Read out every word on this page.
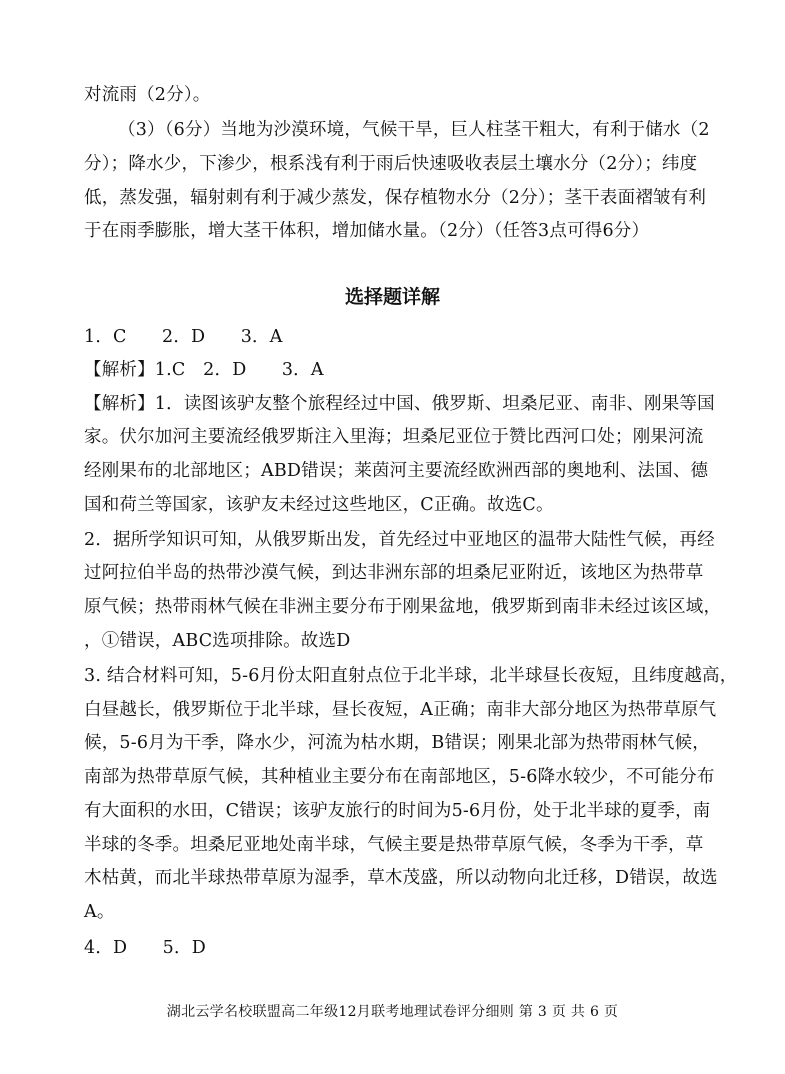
对流雨（2分）。
（3）（6分）当地为沙漠环境，气候干旱，巨人柱茎干粗大，有利于储水（2
分）；降水少，下渗少，根系浅有利于雨后快速吸收表层土壤水分（2分）；纬度
低，蒸发强，辐射刺有利于减少蒸发，保存植物水分（2分）；茎干表面褶皱有利
于在雨季膨胀，增大茎干体积，增加储水量。（2分）（任答3点可得6分）
选择题详解
1．C　　2．D　　3．A
【解析】1.C　2．D　　3．A
【解析】1．读图该驴友整个旅程经过中国、俄罗斯、坦桑尼亚、南非、刚果等国
家。伏尔加河主要流经俄罗斯注入里海；坦桑尼亚位于赞比西河口处；刚果河流
经刚果布的北部地区；ABD错误；莱茵河主要流经欧洲西部的奥地利、法国、德
国和荷兰等国家，该驴友未经过这些地区，C正确。故选C。
2．据所学知识可知，从俄罗斯出发，首先经过中亚地区的温带大陆性气候，再经
过阿拉伯半岛的热带沙漠气候，到达非洲东部的坦桑尼亚附近，该地区为热带草
原气候；热带雨林气候在非洲主要分布于刚果盆地，俄罗斯到南非未经过该区域，
，①错误，ABC选项排除。故选D
3. 结合材料可知，5-6月份太阳直射点位于北半球，北半球昼长夜短，且纬度越高，
白昼越长，俄罗斯位于北半球，昼长夜短，A正确；南非大部分地区为热带草原气
候，5-6月为干季，降水少，河流为枯水期，B错误；刚果北部为热带雨林气候，
南部为热带草原气候，其种植业主要分布在南部地区，5-6降水较少，不可能分布
有大面积的水田，C错误；该驴友旅行的时间为5-6月份，处于北半球的夏季，南
半球的冬季。坦桑尼亚地处南半球，气候主要是热带草原气候，冬季为干季，草
木枯黄，而北半球热带草原为湿季，草木茂盛，所以动物向北迁移，D错误，故选
A。
4．D　　5．D
湖北云学名校联盟高二年级12月联考地理试卷评分细则 第 3 页 共 6 页
